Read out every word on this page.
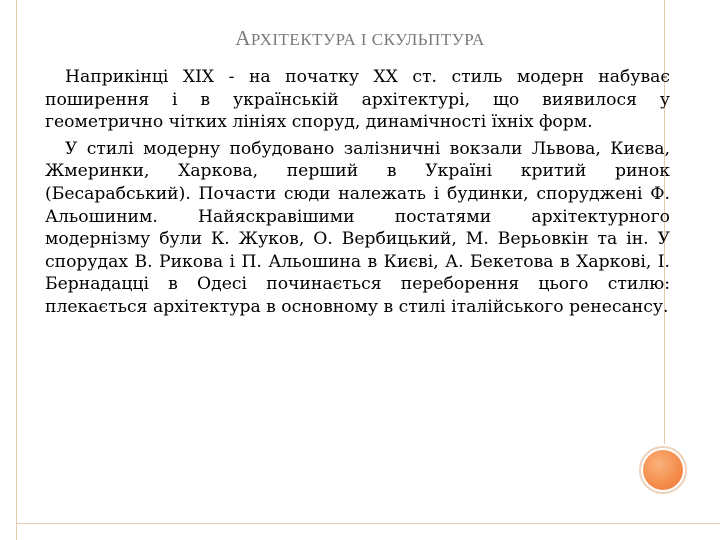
АРХІТЕКТУРА І СКУЛЬПТУРА

Наприкінці XIX - на початку XX ст. стиль модерн набуває поширення і в українській архітектурі, що виявилося у геометрично чітких лініях споруд, динамічності їхніх форм.

У стилі модерну побудовано залізничні вокзали Львова, Києва, Жмеринки, Харкова, перший в Україні критий ринок (Бесарабський). Почасти сюди належать і будинки, споруджені Ф. Альошиним. Найяскравішими постатями архітектурного модернізму були К. Жуков, О. Вербицький, М. Верьовкін та ін. У спорудах В. Рикова і П. Альошина в Києві, А. Бекетова в Харкові, І. Бернадацці в Одесі починається переборення цього стилю: плекається архітектура в основному в стилі італійського ренесансу.
